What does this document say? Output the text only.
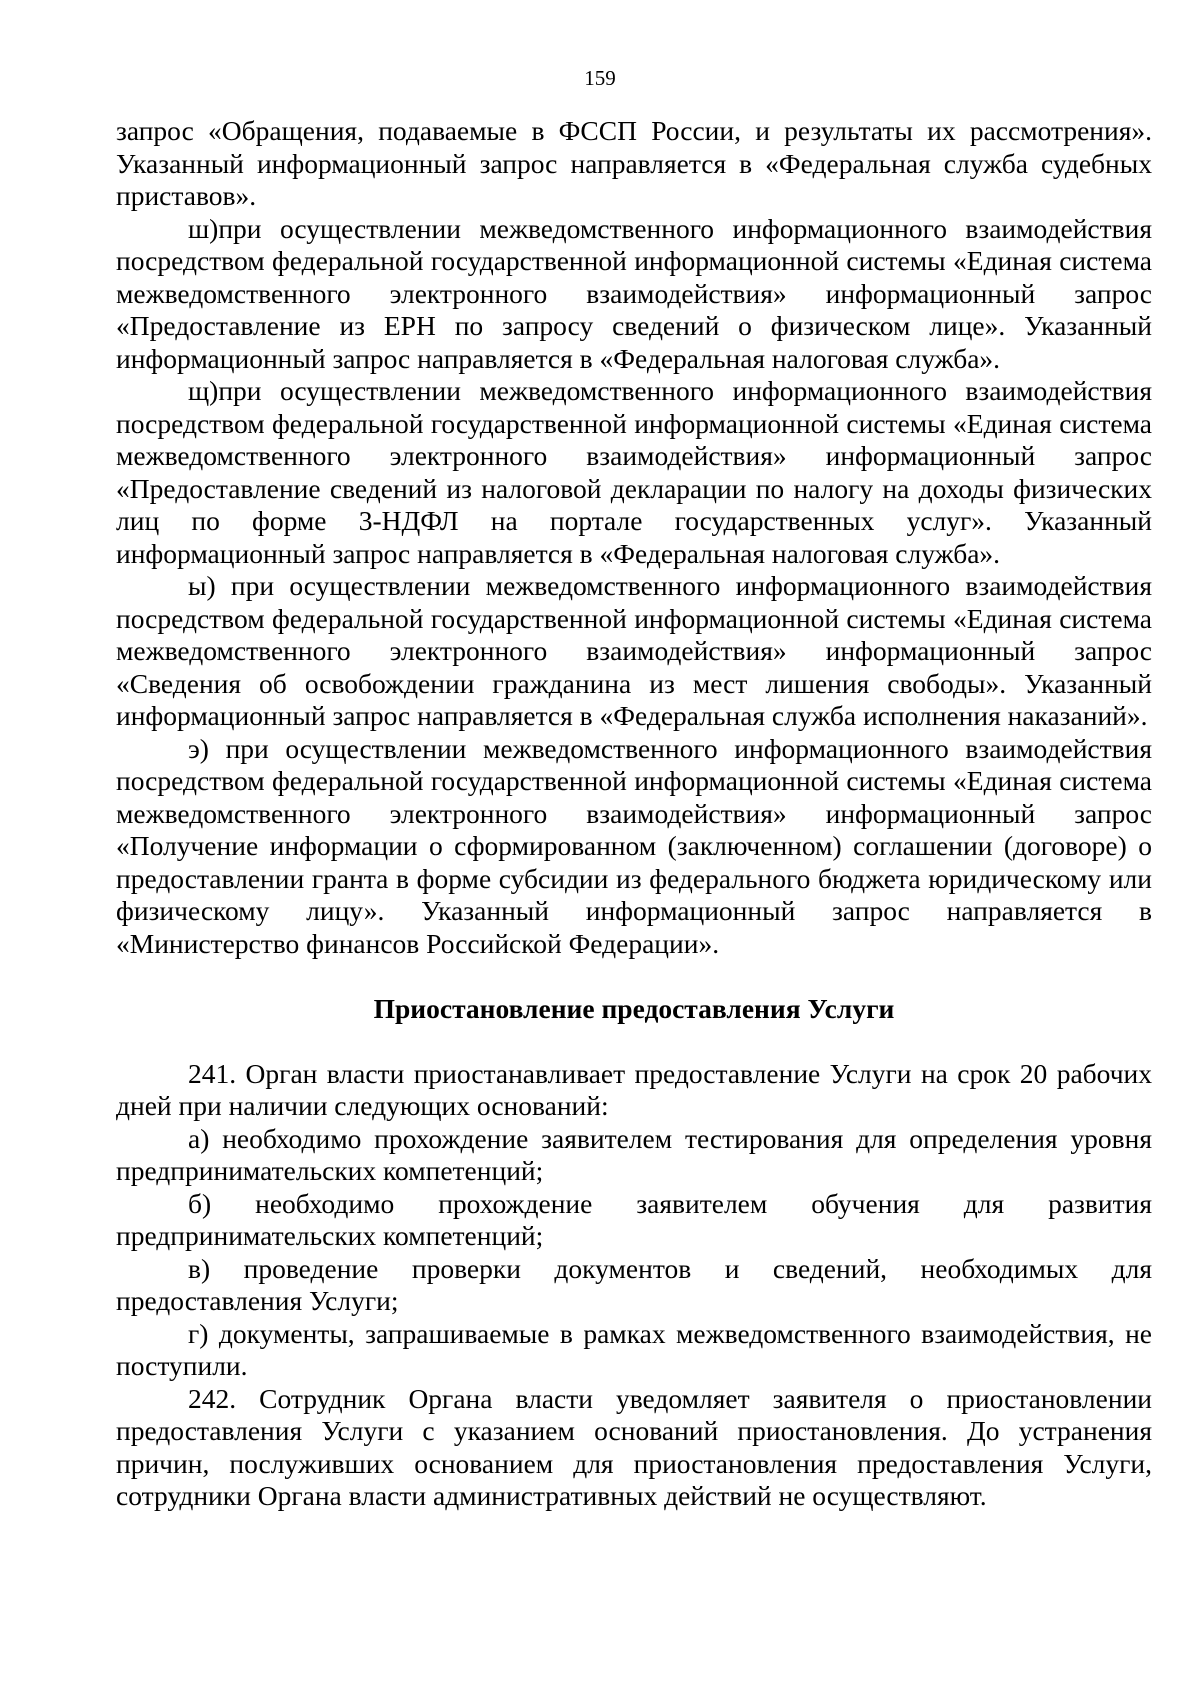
159

запрос «Обращения, подаваемые в ФССП России, и результаты их рассмотрения». Указанный информационный запрос направляется в «Федеральная служба судебных приставов».

ш)при осуществлении межведомственного информационного взаимодействия посредством федеральной государственной информационной системы «Единая система межведомственного электронного взаимодействия» информационный запрос «Предоставление из ЕРН по запросу сведений о физическом лице». Указанный информационный запрос направляется в «Федеральная налоговая служба».

щ)при осуществлении межведомственного информационного взаимодействия посредством федеральной государственной информационной системы «Единая система межведомственного электронного взаимодействия» информационный запрос «Предоставление сведений из налоговой декларации по налогу на доходы физических лиц по форме 3-НДФЛ на портале государственных услуг». Указанный информационный запрос направляется в «Федеральная налоговая служба».

ы) при осуществлении межведомственного информационного взаимодействия посредством федеральной государственной информационной системы «Единая система межведомственного электронного взаимодействия» информационный запрос «Сведения об освобождении гражданина из мест лишения свободы». Указанный информационный запрос направляется в «Федеральная служба исполнения наказаний».

э) при осуществлении межведомственного информационного взаимодействия посредством федеральной государственной информационной системы «Единая система межведомственного электронного взаимодействия» информационный запрос «Получение информации о сформированном (заключенном) соглашении (договоре) о предоставлении гранта в форме субсидии из федерального бюджета юридическому или физическому лицу». Указанный информационный запрос направляется в «Министерство финансов Российской Федерации».

Приостановление предоставления Услуги

241. Орган власти приостанавливает предоставление Услуги на срок 20 рабочих дней при наличии следующих оснований:

а) необходимо прохождение заявителем тестирования для определения уровня предпринимательских компетенций;

б) необходимо прохождение заявителем обучения для развития предпринимательских компетенций;

в) проведение проверки документов и сведений, необходимых для предоставления Услуги;

г) документы, запрашиваемые в рамках межведомственного взаимодействия, не поступили.

242. Сотрудник Органа власти уведомляет заявителя о приостановлении предоставления Услуги с указанием оснований приостановления. До устранения причин, послуживших основанием для приостановления предоставления Услуги, сотрудники Органа власти административных действий не осуществляют.
